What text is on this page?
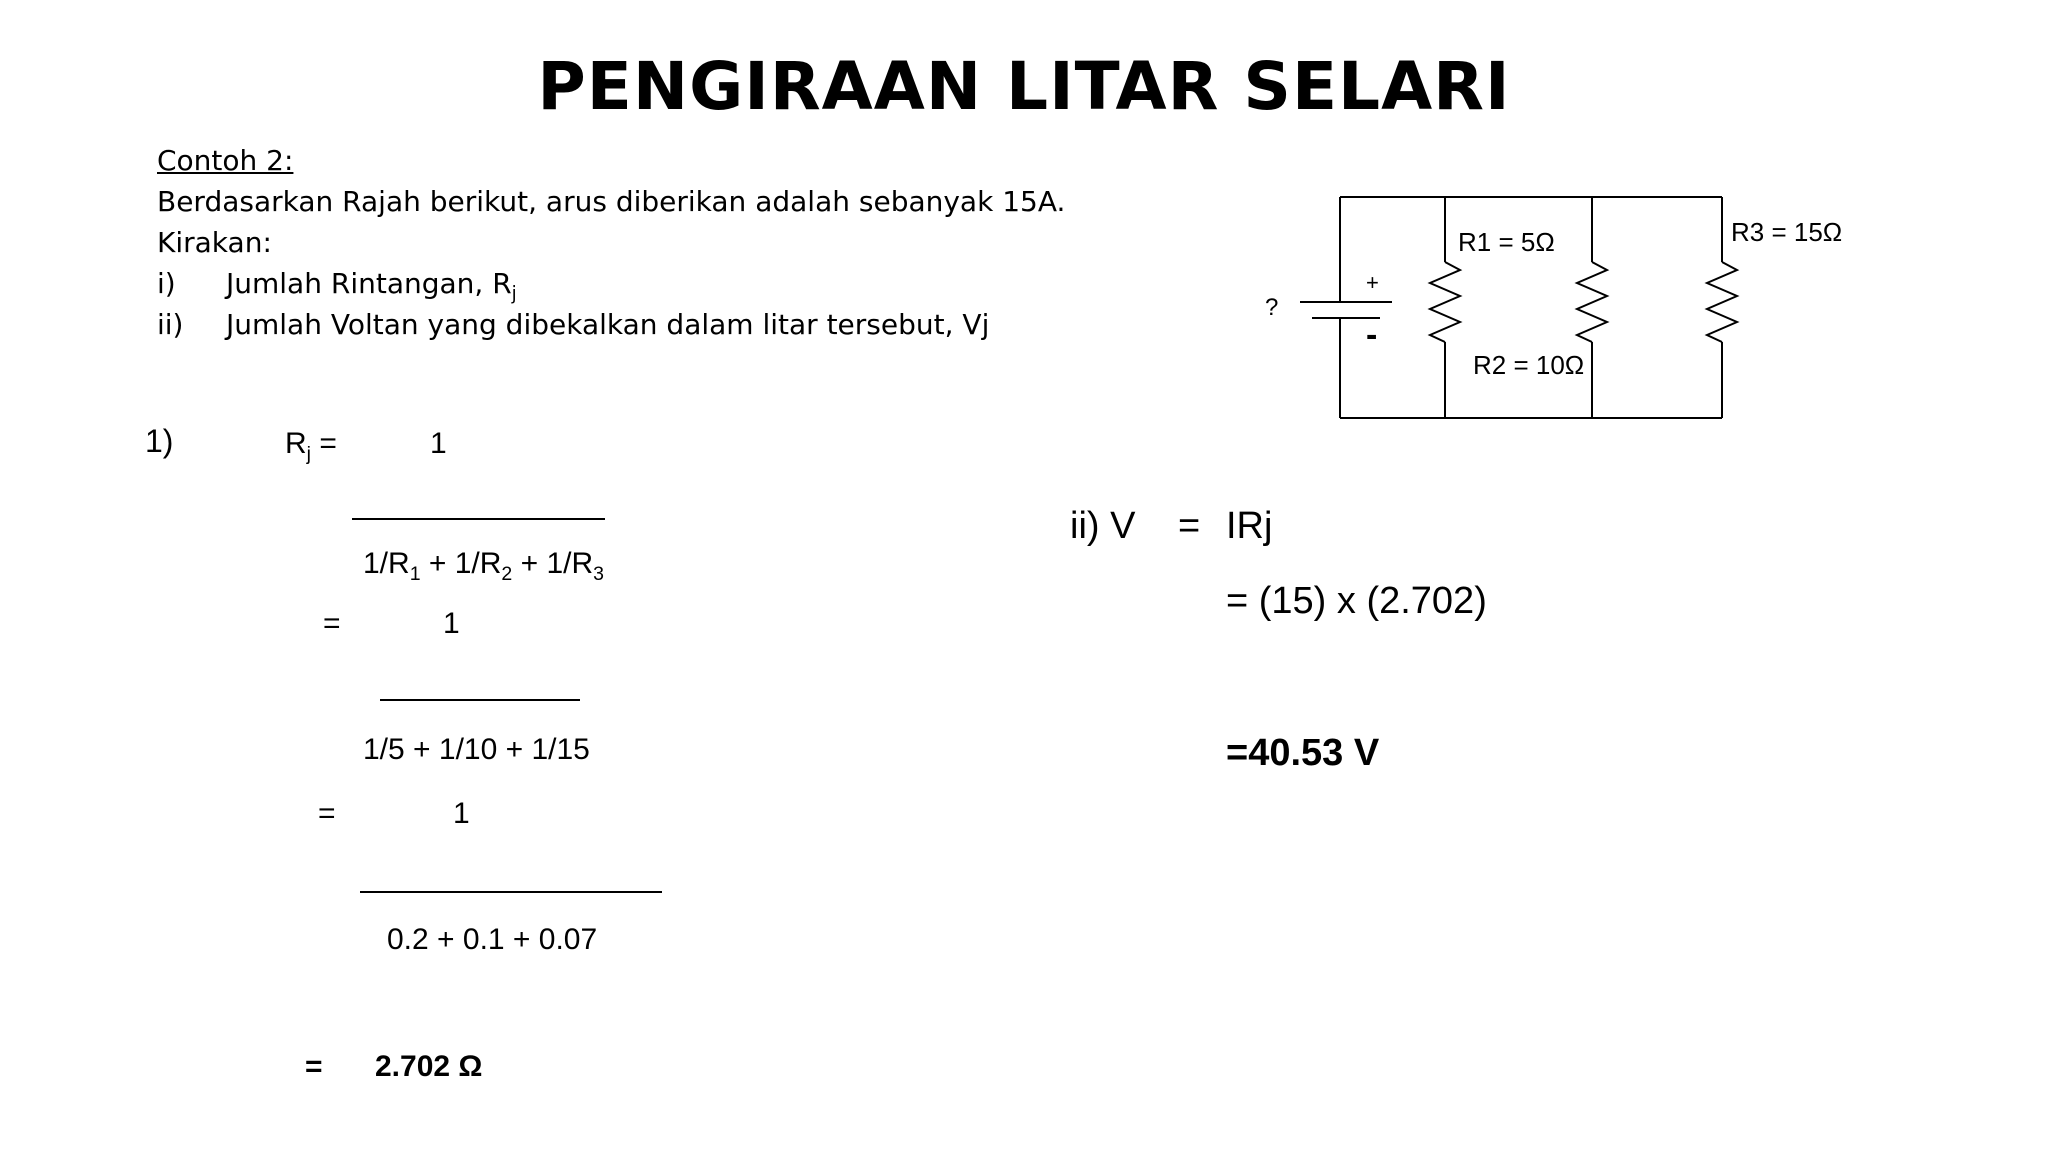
PENGIRAAN LITAR SELARI
Contoh 2:
Berdasarkan Rajah berikut, arus diberikan adalah sebanyak 15A.
Kirakan:
i) Jumlah Rintangan, $R_j$
ii) Jumlah Voltan yang dibekalkan dalam litar tersebut, Vj
?
+
-
R1 = 5Ω
R2 = 10Ω
R3 = 15Ω
1)	$R_j$ =	1
$1/R_1 + 1/R_2 + 1/R_3$
=	1
1/5 + 1/10 + 1/15
=	1
0.2 + 0.1 + 0.07
= 2.702 Ω
ii) V = IRj
= (15) x (2.702)
=40.53 V
